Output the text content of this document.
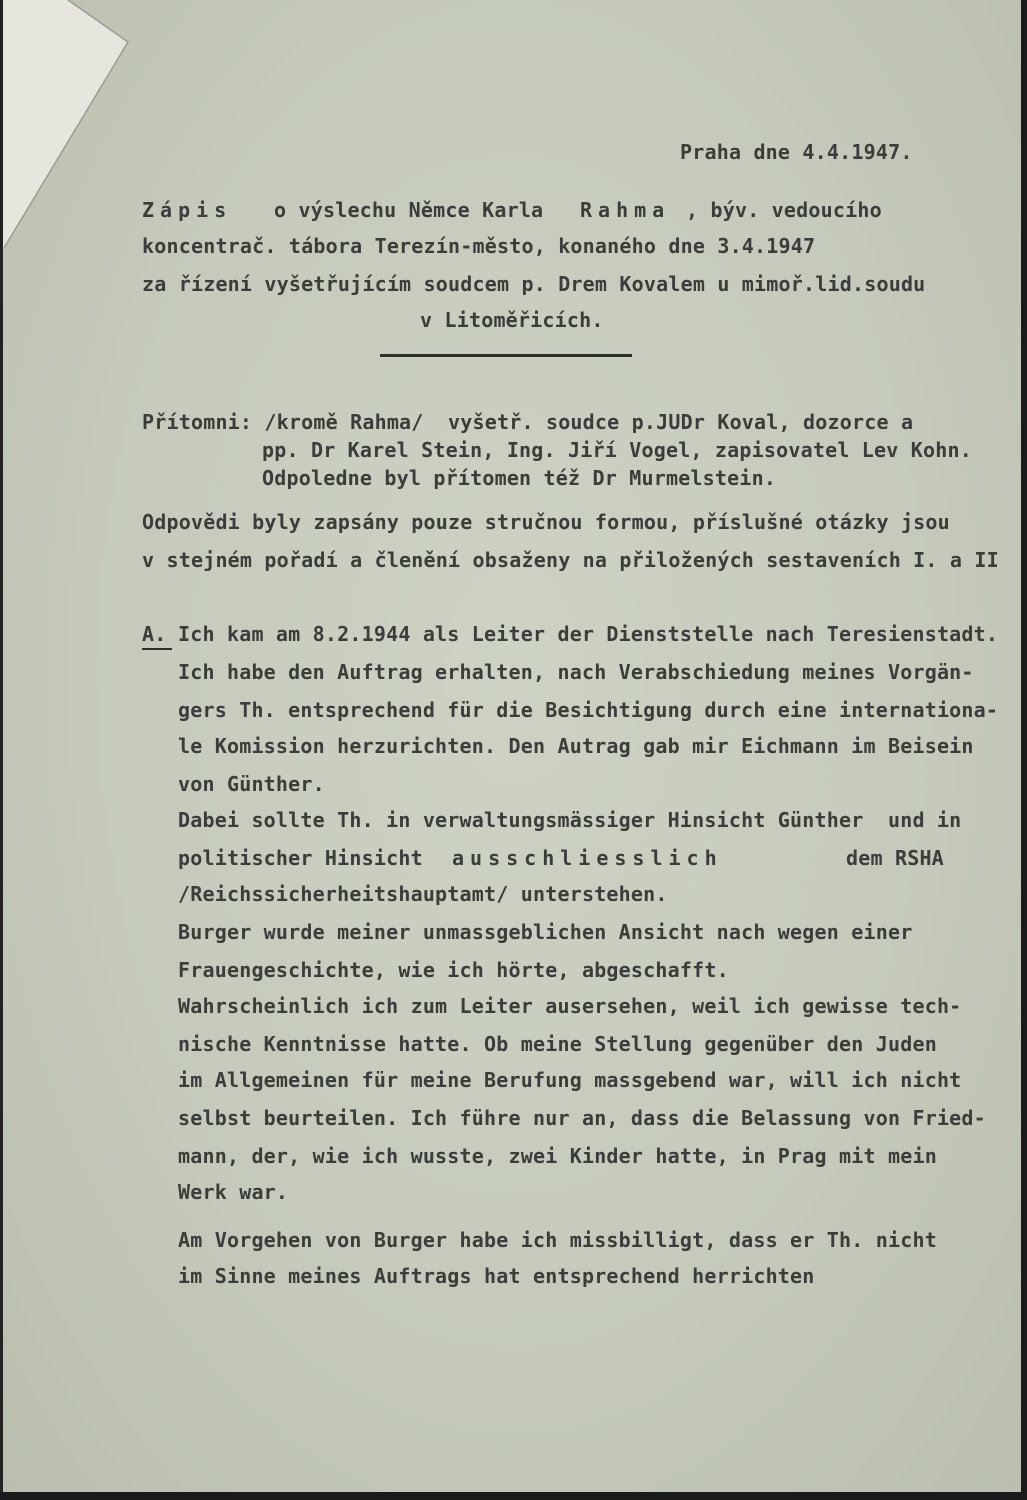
Praha dne 4.4.1947.
Zápis o výslechu Němce Karla Rahma , býv. vedoucího
koncentrač. tábora Terezín-město, konaného dne 3.4.1947
za řízení vyšetřujícím soudcem p. Drem Kovalem u mimoř.lid.soudu
v Litoměřicích.
Přítomni: /kromě Rahma/  vyšetř. soudce p.JUDr Koval, dozorce a
pp. Dr Karel Stein, Ing. Jiří Vogel, zapisovatel Lev Kohn.
Odpoledne byl přítomen též Dr Murmelstein.
Odpovědi byly zapsány pouze stručnou formou, příslušné otázky jsou
v stejném pořadí a členění obsaženy na přiložených sestaveních I. a II
A. Ich kam am 8.2.1944 als Leiter der Dienststelle nach Teresienstadt.
Ich habe den Auftrag erhalten, nach Verabschiedung meines Vorgän-
gers Th. entsprechend für die Besichtigung durch eine internationa-
le Komission herzurichten. Den Autrag gab mir Eichmann im Beisein
von Günther.
Dabei sollte Th. in verwaltungsmässiger Hinsicht Günther  und in
politischer Hinsicht ausschliesslich	dem RSHA
/Reichssicherheitshauptamt/ unterstehen.
Burger wurde meiner unmassgeblichen Ansicht nach wegen einer
Frauengeschichte, wie ich hörte, abgeschafft.
Wahrscheinlich ich zum Leiter ausersehen, weil ich gewisse tech-
nische Kenntnisse hatte. Ob meine Stellung gegenüber den Juden
im Allgemeinen für meine Berufung massgebend war, will ich nicht
selbst beurteilen. Ich führe nur an, dass die Belassung von Fried-
mann, der, wie ich wusste, zwei Kinder hatte, in Prag mit mein
Werk war.
Am Vorgehen von Burger habe ich missbilligt, dass er Th. nicht
im Sinne meines Auftrags hat entsprechend herrichten
